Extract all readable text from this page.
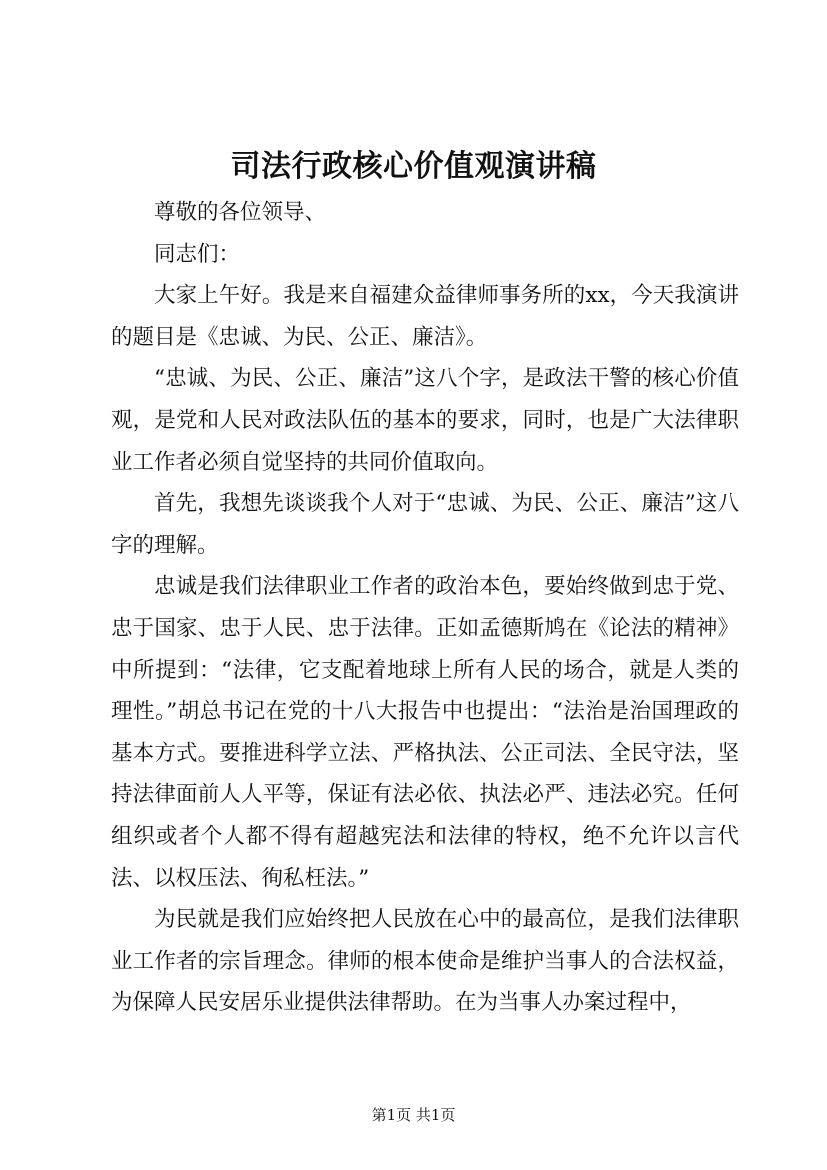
司法行政核心价值观演讲稿

尊敬的各位领导、

同志们：

大家上午好。我是来自福建众益律师事务所的xx，今天我演讲的题目是《忠诚、为民、公正、廉洁》。

“忠诚、为民、公正、廉洁”这八个字，是政法干警的核心价值观，是党和人民对政法队伍的基本的要求，同时，也是广大法律职业工作者必须自觉坚持的共同价值取向。

首先，我想先谈谈我个人对于“忠诚、为民、公正、廉洁”这八字的理解。

忠诚是我们法律职业工作者的政治本色，要始终做到忠于党、忠于国家、忠于人民、忠于法律。正如孟德斯鸠在《论法的精神》中所提到：“法律，它支配着地球上所有人民的场合，就是人类的理性。”胡总书记在党的十八大报告中也提出：“法治是治国理政的基本方式。要推进科学立法、严格执法、公正司法、全民守法，坚持法律面前人人平等，保证有法必依、执法必严、违法必究。任何组织或者个人都不得有超越宪法和法律的特权，绝不允许以言代法、以权压法、徇私枉法。”

为民就是我们应始终把人民放在心中的最高位，是我们法律职业工作者的宗旨理念。律师的根本使命是维护当事人的合法权益，为保障人民安居乐业提供法律帮助。在为当事人办案过程中，

第1页 共1页
